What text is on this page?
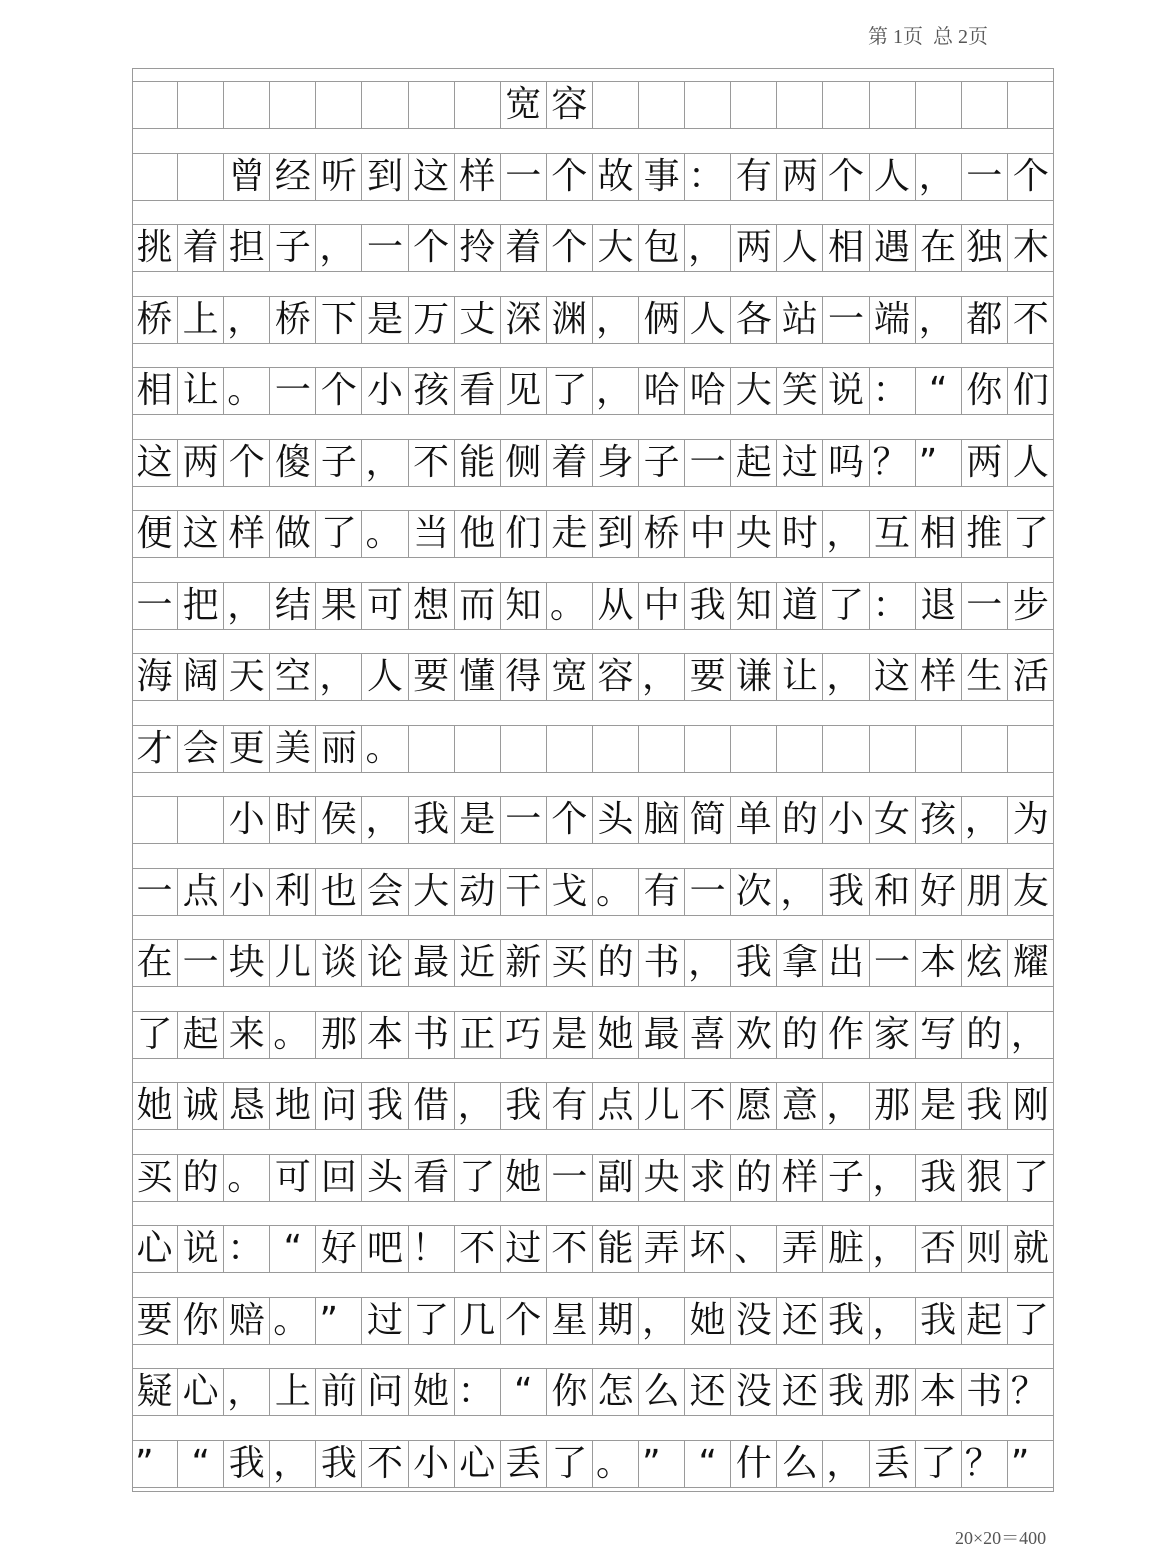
第 1页  总 2页
宽 容
曾 经 听 到 这 样 一 个 故 事 ： 有 两 个 人 ， 一 个
挑 着 担 子 ， 一 个 拎 着 个 大 包 ， 两 人 相 遇 在 独 木
桥 上 ， 桥 下 是 万 丈 深 渊 ， 俩 人 各 站 一 端 ， 都 不
相 让 。 一 个 小 孩 看 见 了 ， 哈 哈 大 笑 说 ： “ 你 们
这 两 个 傻 子 ， 不 能 侧 着 身 子 一 起 过 吗 ？ ” 两 人
便 这 样 做 了 。 当 他 们 走 到 桥 中 央 时 ， 互 相 推 了
一 把 ， 结 果 可 想 而 知 。 从 中 我 知 道 了 ： 退 一 步
海 阔 天 空 ， 人 要 懂 得 宽 容 ， 要 谦 让 ， 这 样 生 活
才 会 更 美 丽 。
小 时 侯 ， 我 是 一 个 头 脑 简 单 的 小 女 孩 ， 为
一 点 小 利 也 会 大 动 干 戈 。 有 一 次 ， 我 和 好 朋 友
在 一 块 儿 谈 论 最 近 新 买 的 书 ， 我 拿 出 一 本 炫 耀
了 起 来 。 那 本 书 正 巧 是 她 最 喜 欢 的 作 家 写 的 ，
她 诚 恳 地 问 我 借 ， 我 有 点 儿 不 愿 意 ， 那 是 我 刚
买 的 。 可 回 头 看 了 她 一 副 央 求 的 样 子 ， 我 狠 了
心 说 ： “ 好 吧 ！ 不 过 不 能 弄 坏 、 弄 脏 ， 否 则 就
要 你 赔 。 ” 过 了 几 个 星 期 ， 她 没 还 我 ， 我 起 了
疑 心 ， 上 前 问 她 ： “ 你 怎 么 还 没 还 我 那 本 书 ？
”	“ 我 ， 我 不 小 心 丢 了 。 ”	“ 什 么 ， 丢 了 ？ ”
20×20＝400
